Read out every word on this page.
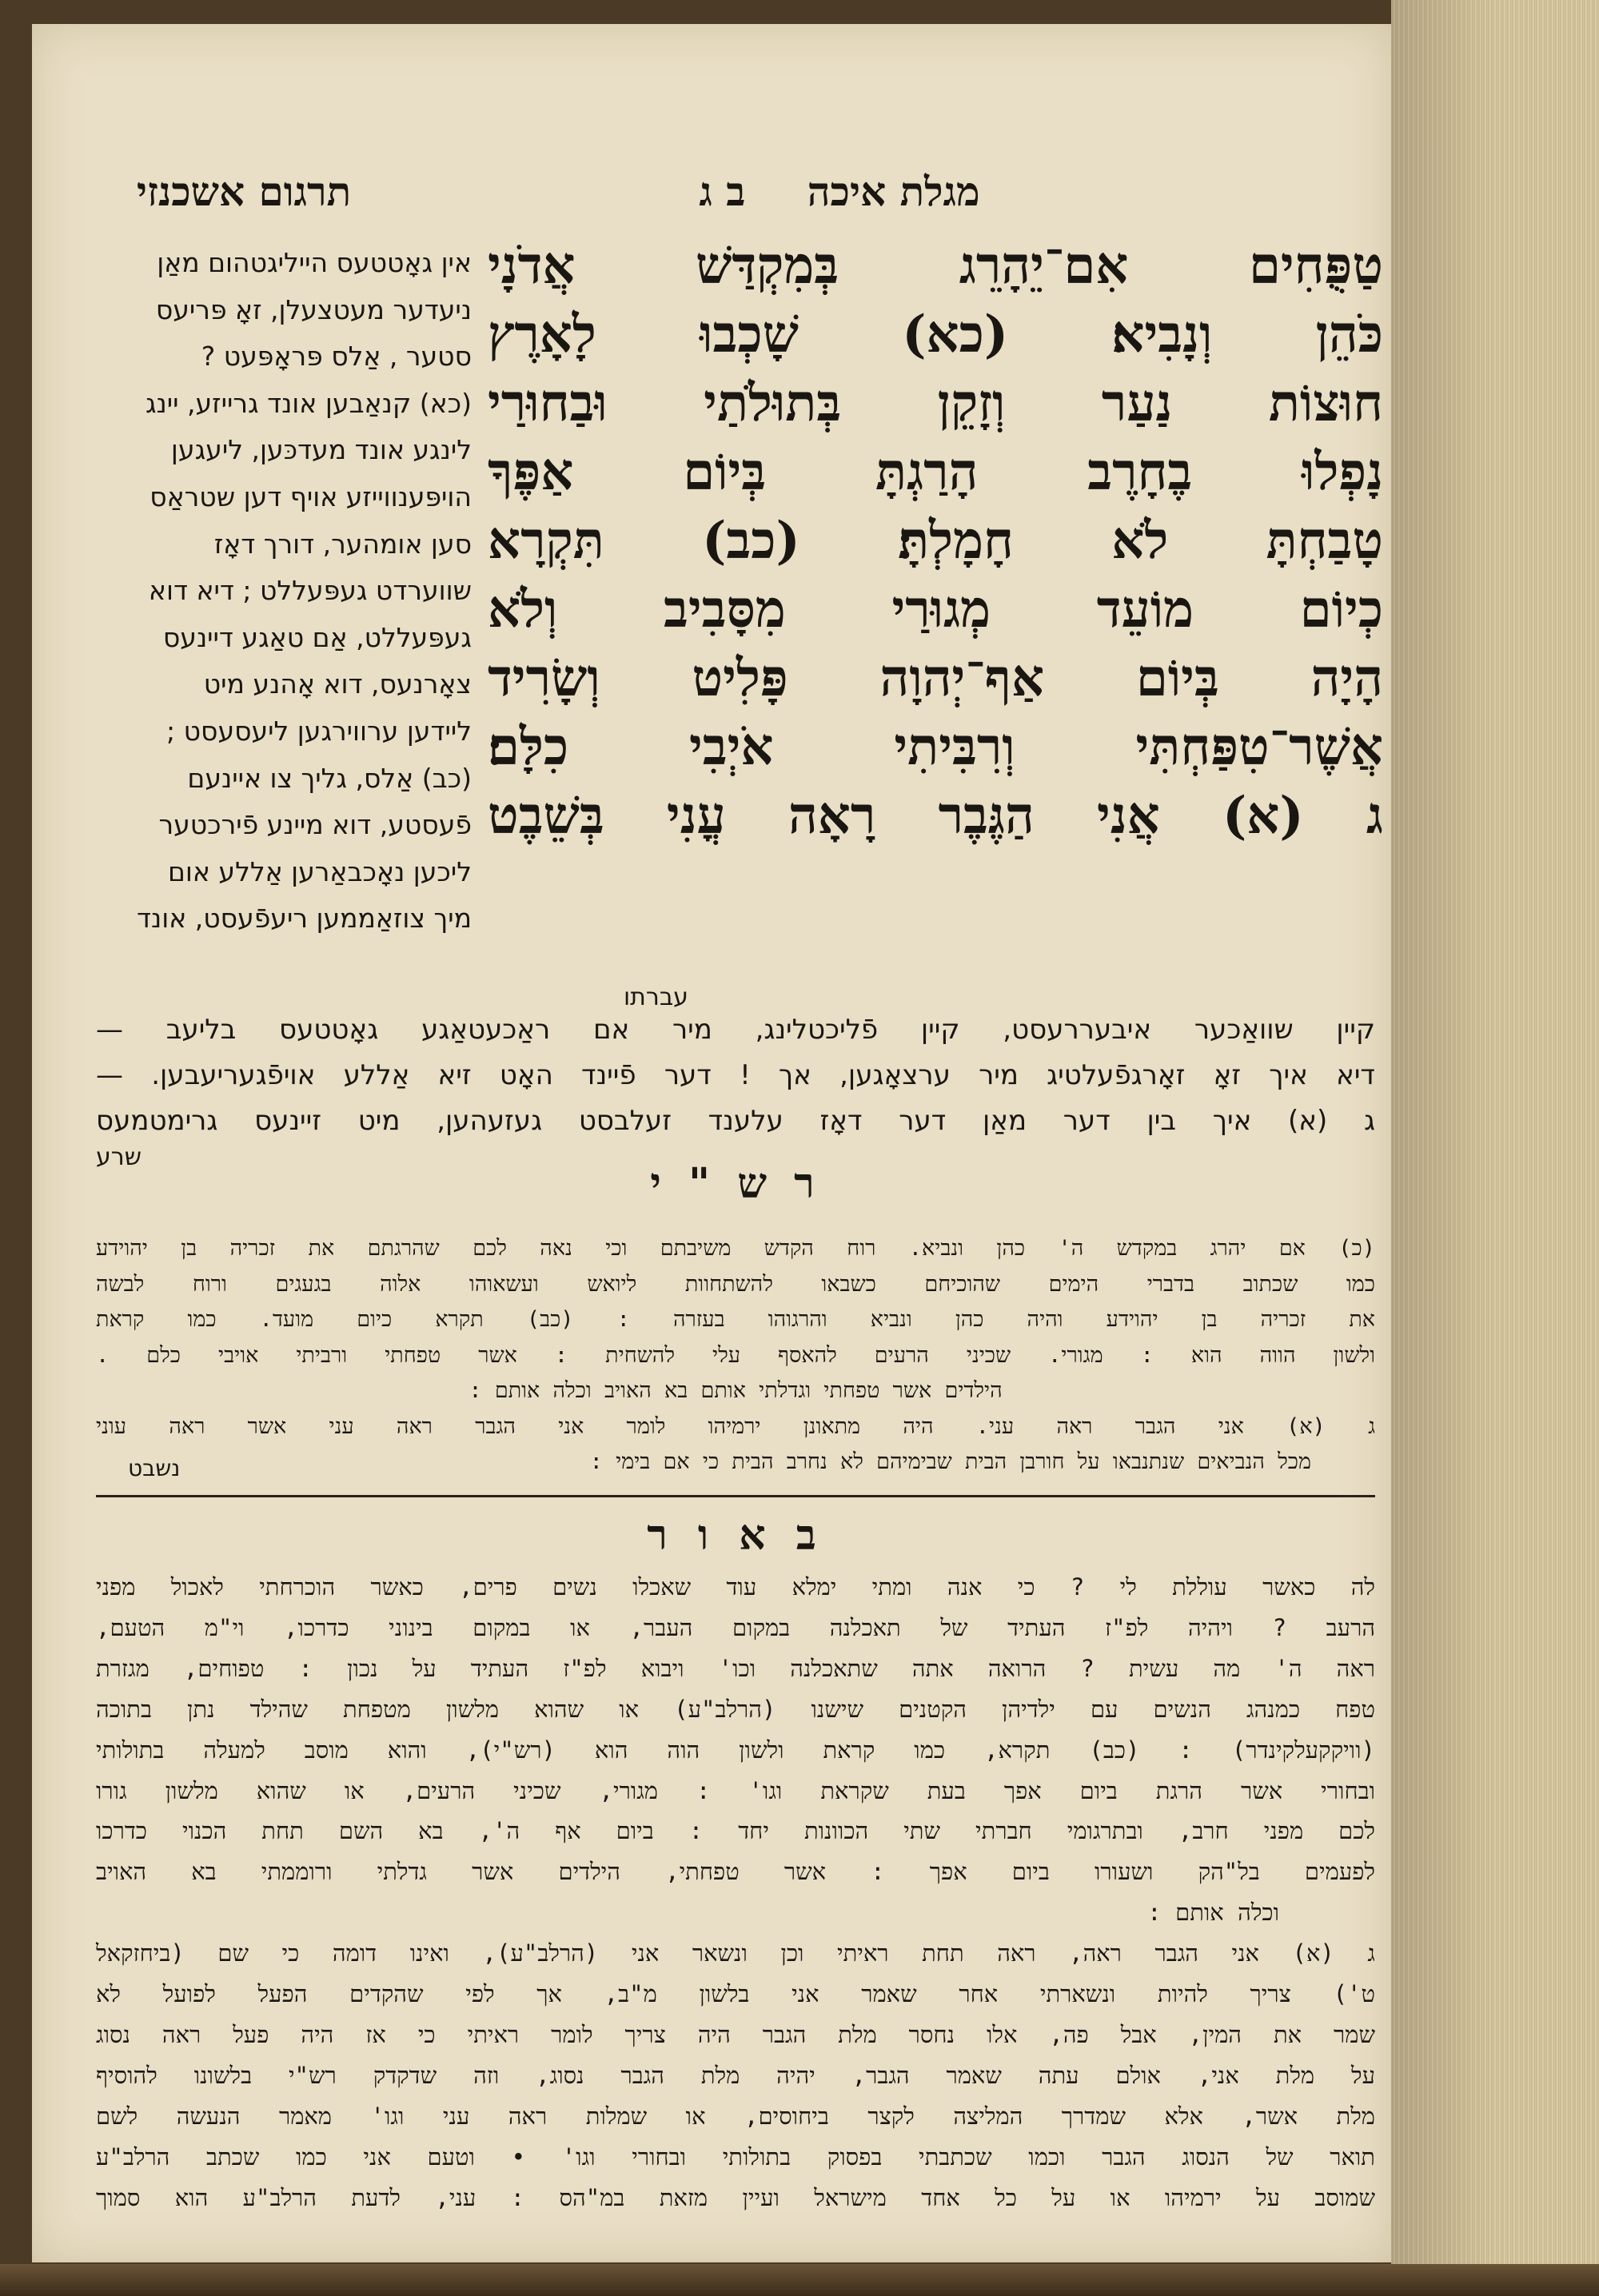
תרגום אשכנזי	מגלת איכה ב ג
אין גאָטטעס הייליגטהום מאַן
ניעדער מעטצעלן, זאָ פּריעס
סטער , אַלס פּראָפּעט ?
(כא) קנאַבען אונד גרייזע, יינג
לינגע אונד מעדכּען, ליעגען
הויפּענווייזע אויף דען שטראַס
סען אומהער, דורך דאָז
שווערדט געפּעללט ; דיא דוא
געפּעללט, אַם טאַגע דיינעס
צאָרנעס, דוא אָהנע מיט
ליידען ערווירגען ליעסעסט ;
(כב) אַלס, גליך צו איינעם
פֿעסטע, דוא מיינע פֿירכטער
ליכען נאָכבאַרען אַללע אום
מיך צוזאַממען ריעפֿעסט, אונד
טַפֻּחִים אִם־יֵהָרֵג בְּמִקְדַּשׁ אֲדֹנָי
כֹּהֵן וְנָבִיא׃ (כא) שָׁכְבוּ לָאָרֶץ
חוּצוֹת נַעַר וְזָקֵן בְּתוּלֹתַי וּבַחוּרַי
נָפְלוּ בֶחָרֶב הָרַגְתָּ בְּיוֹם אַפֶּךָ
טָבַחְתָּ לֹא חָמָלְתָּ׃ (כב) תִּקְרָא
כְיוֹם מוֹעֵד מְגוּרַי מִסָּבִיב וְלֹא
הָיָה בְּיוֹם אַף־יְהוָה פָּלִיט וְשָׂרִיד
אֲשֶׁר־טִפַּחְתִּי וְרִבִּיתִי אֹיְבִי כִלָּם׃
ג (א) אֲנִי הַגֶּבֶר רָאָה עֳנִי בְּשֵׁבֶט
עברתו
קיין שוואַכער איבעררעסט, קיין פֿליכטלינג, מיר אם ראַכעטאַגע גאָטטעס בליעב —
דיא איך זאָ זאָרגפֿעלטיג מיר ערצאָגען, אך ! דער פֿיינד האָט זיא אַללע אויפֿגעריעבען. —
ג (א) איך בין דער מאַן דער דאָז עלענד זעלבסט געזעהען, מיט זיינעס גרימטמעס
שרע
ר ש " י
(כ) אם יהרג במקדש ה' כהן ונביא. רוח הקדש משיבתם וכי נאה לכם שהרגתם את זכריה בן יהוידע
כמו שכתוב בדברי הימים שהוכיחם כשבאו להשתחוות ליואש ועשאוהו אלוה בגעגים ורוח לבשה
את זכריה בן יהוידע והיה כהן ונביא והרגוהו בעזרה : (כב) תקרא כיום מועד. כמו קראת
ולשון הווה הוא : מגורי. שכיני הרעים להאסף עלי להשחית : אשר טפחתי ורביתי אויבי כלם .
הילדים אשר טפחתי וגדלתי אותם בא האויב וכלה אותם :
ג (א) אני הגבר ראה עני. היה מתאונן ירמיהו לומר אני הגבר ראה עני אשר ראה עוני
מכל הנביאים שנתנבאו על חורבן הבית שבימיהם לא נחרב הבית כי אם בימי :
נשבט
ב א ו ר
לה כאשר עוללת לי ? כי אנה ומתי ימלא עוד שאכלו נשים פרים, כאשר הוכרחתי לאכול מפני
הרעב ? ויהיה לפ"ז העתיד של תאכלנה במקום העבר, או במקום בינוני כדרכו, וי"מ הטעם,
ראה ה' מה עשית ? הרואה אתה שתאכלנה וכו' ויבוא לפ"ז העתיד על נכון : טפוחים, מגזרת
טפח כמנהג הנשים עם ילדיהן הקטנים שישנו (הרלב"ע) או שהוא מלשון מטפחת שהילד נתן בתוכה
(וויקקעלקינדר) : (כב) תקרא, כמו קראת ולשון הוה הוא (רש"י), והוא מוסב למעלה בתולותי
ובחורי אשר הרגת ביום אפך בעת שקראת וגו' : מגורי, שכיני הרעים, או שהוא מלשון גורו
לכם מפני חרב, ובתרגומי חברתי שתי הכוונות יחד : ביום אף ה', בא השם תחת הכנוי כדרכו
לפעמים בל"הק ושעורו ביום אפך : אשר טפחתי, הילדים אשר גדלתי ורוממתי בא האויב
וכלה אותם :
ג (א) אני הגבר ראה, ראה תחת ראיתי וכן ונשאר אני (הרלב"ע), ואינו דומה כי שם (ביחזקאל
ט') צריך להיות ונשארתי אחר שאמר אני בלשון מ"ב, אך לפי שהקדים הפעל לפועל לא
שמר את המין, אבל פה, אלו נחסר מלת הגבר היה צריך לומר ראיתי כי אז היה פעל ראה נסוג
על מלת אני, אולם עתה שאמר הגבר, יהיה מלת הגבר נסוג, וזה שדקדק רש"י בלשונו להוסיף
מלת אשר, אלא שמדרך המליצה לקצר ביחוסים, או שמלות ראה עני וגו' מאמר הנעשה לשם
תואר של הנסוג הגבר וכמו שכתבתי בפסוק בתולותי ובחורי וגו' • וטעם אני כמו שכתב הרלב"ע
שמוסב על ירמיהו או על כל אחד מישראל ועיין מזאת במ"הס : עני, לדעת הרלב"ע הוא סמוך
